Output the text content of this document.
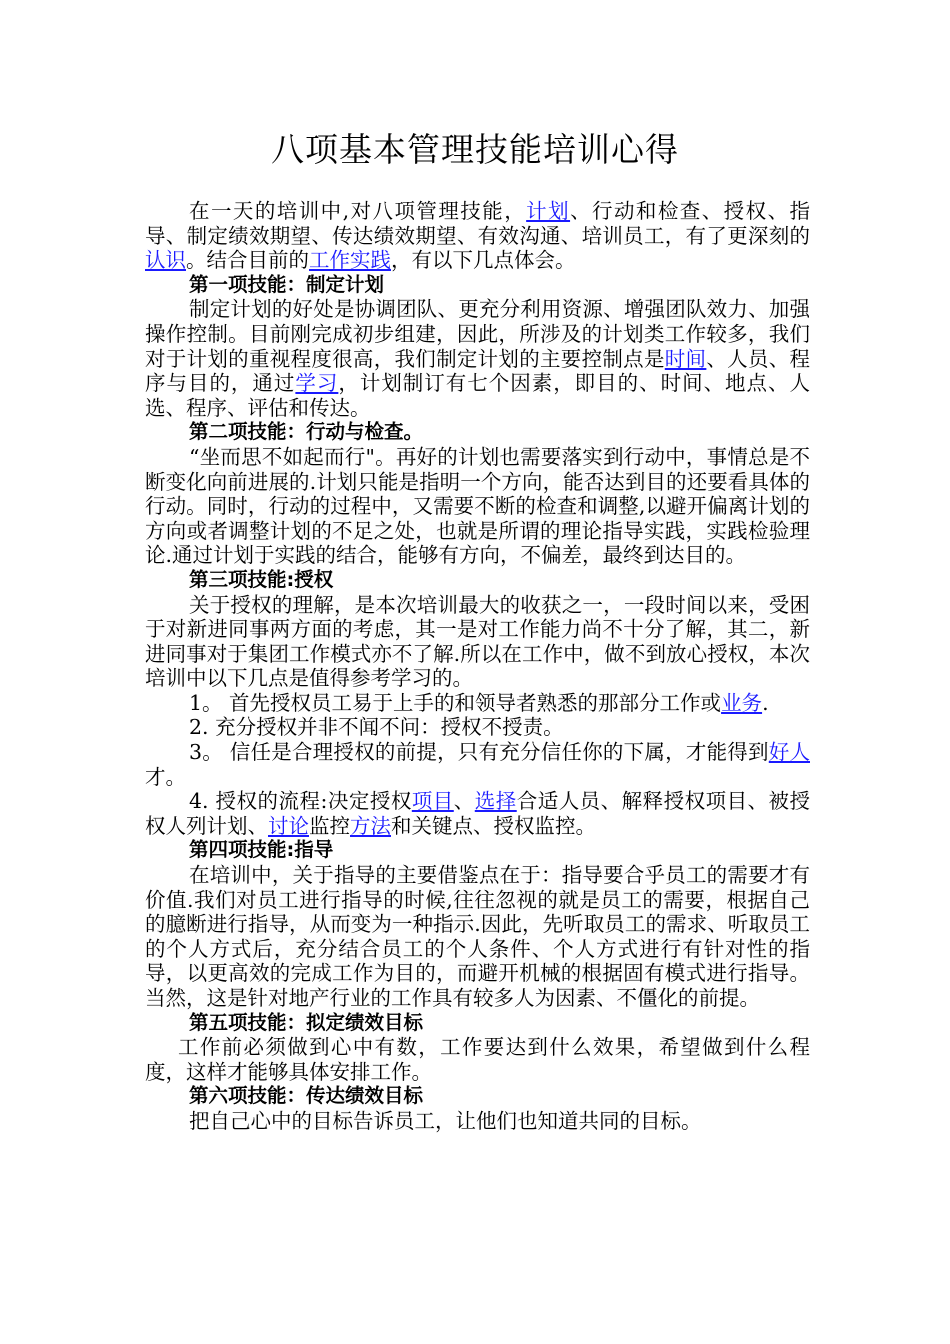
八项基本管理技能培训心得

在一天的培训中,对八项管理技能，计划、行动和检查、授权、指导、制定绩效期望、传达绩效期望、有效沟通、培训员工，有了更深刻的认识。结合目前的工作实践，有以下几点体会。

第一项技能：制定计划

制定计划的好处是协调团队、更充分利用资源、增强团队效力、加强操作控制。目前刚完成初步组建，因此，所涉及的计划类工作较多，我们对于计划的重视程度很高，我们制定计划的主要控制点是时间、人员、程序与目的，通过学习，计划制订有七个因素，即目的、时间、地点、人选、程序、评估和传达。

第二项技能：行动与检查。

“坐而思不如起而行"。再好的计划也需要落实到行动中，事情总是不断变化向前进展的.计划只能是指明一个方向，能否达到目的还要看具体的行动。同时，行动的过程中，又需要不断的检查和调整,以避开偏离计划的方向或者调整计划的不足之处，也就是所谓的理论指导实践，实践检验理论.通过计划于实践的结合，能够有方向，不偏差，最终到达目的。

第三项技能:授权

关于授权的理解，是本次培训最大的收获之一，一段时间以来，受困于对新进同事两方面的考虑，其一是对工作能力尚不十分了解，其二，新进同事对于集团工作模式亦不了解.所以在工作中，做不到放心授权，本次培训中以下几点是值得参考学习的。

1。 首先授权员工易于上手的和领导者熟悉的那部分工作或业务.

2. 充分授权并非不闻不问：授权不授责。

3。 信任是合理授权的前提，只有充分信任你的下属，才能得到好人才。

4. 授权的流程:决定授权项目、选择合适人员、解释授权项目、被授权人列计划、讨论监控方法和关键点、授权监控。

第四项技能:指导

在培训中，关于指导的主要借鉴点在于：指导要合乎员工的需要才有价值.我们对员工进行指导的时候,往往忽视的就是员工的需要，根据自己的臆断进行指导，从而变为一种指示.因此，先听取员工的需求、听取员工的个人方式后，充分结合员工的个人条件、个人方式进行有针对性的指导，以更高效的完成工作为目的，而避开机械的根据固有模式进行指导。当然，这是针对地产行业的工作具有较多人为因素、不僵化的前提。

第五项技能：拟定绩效目标

工作前必须做到心中有数，工作要达到什么效果，希望做到什么程度，这样才能够具体安排工作。

第六项技能：传达绩效目标

把自己心中的目标告诉员工，让他们也知道共同的目标。
